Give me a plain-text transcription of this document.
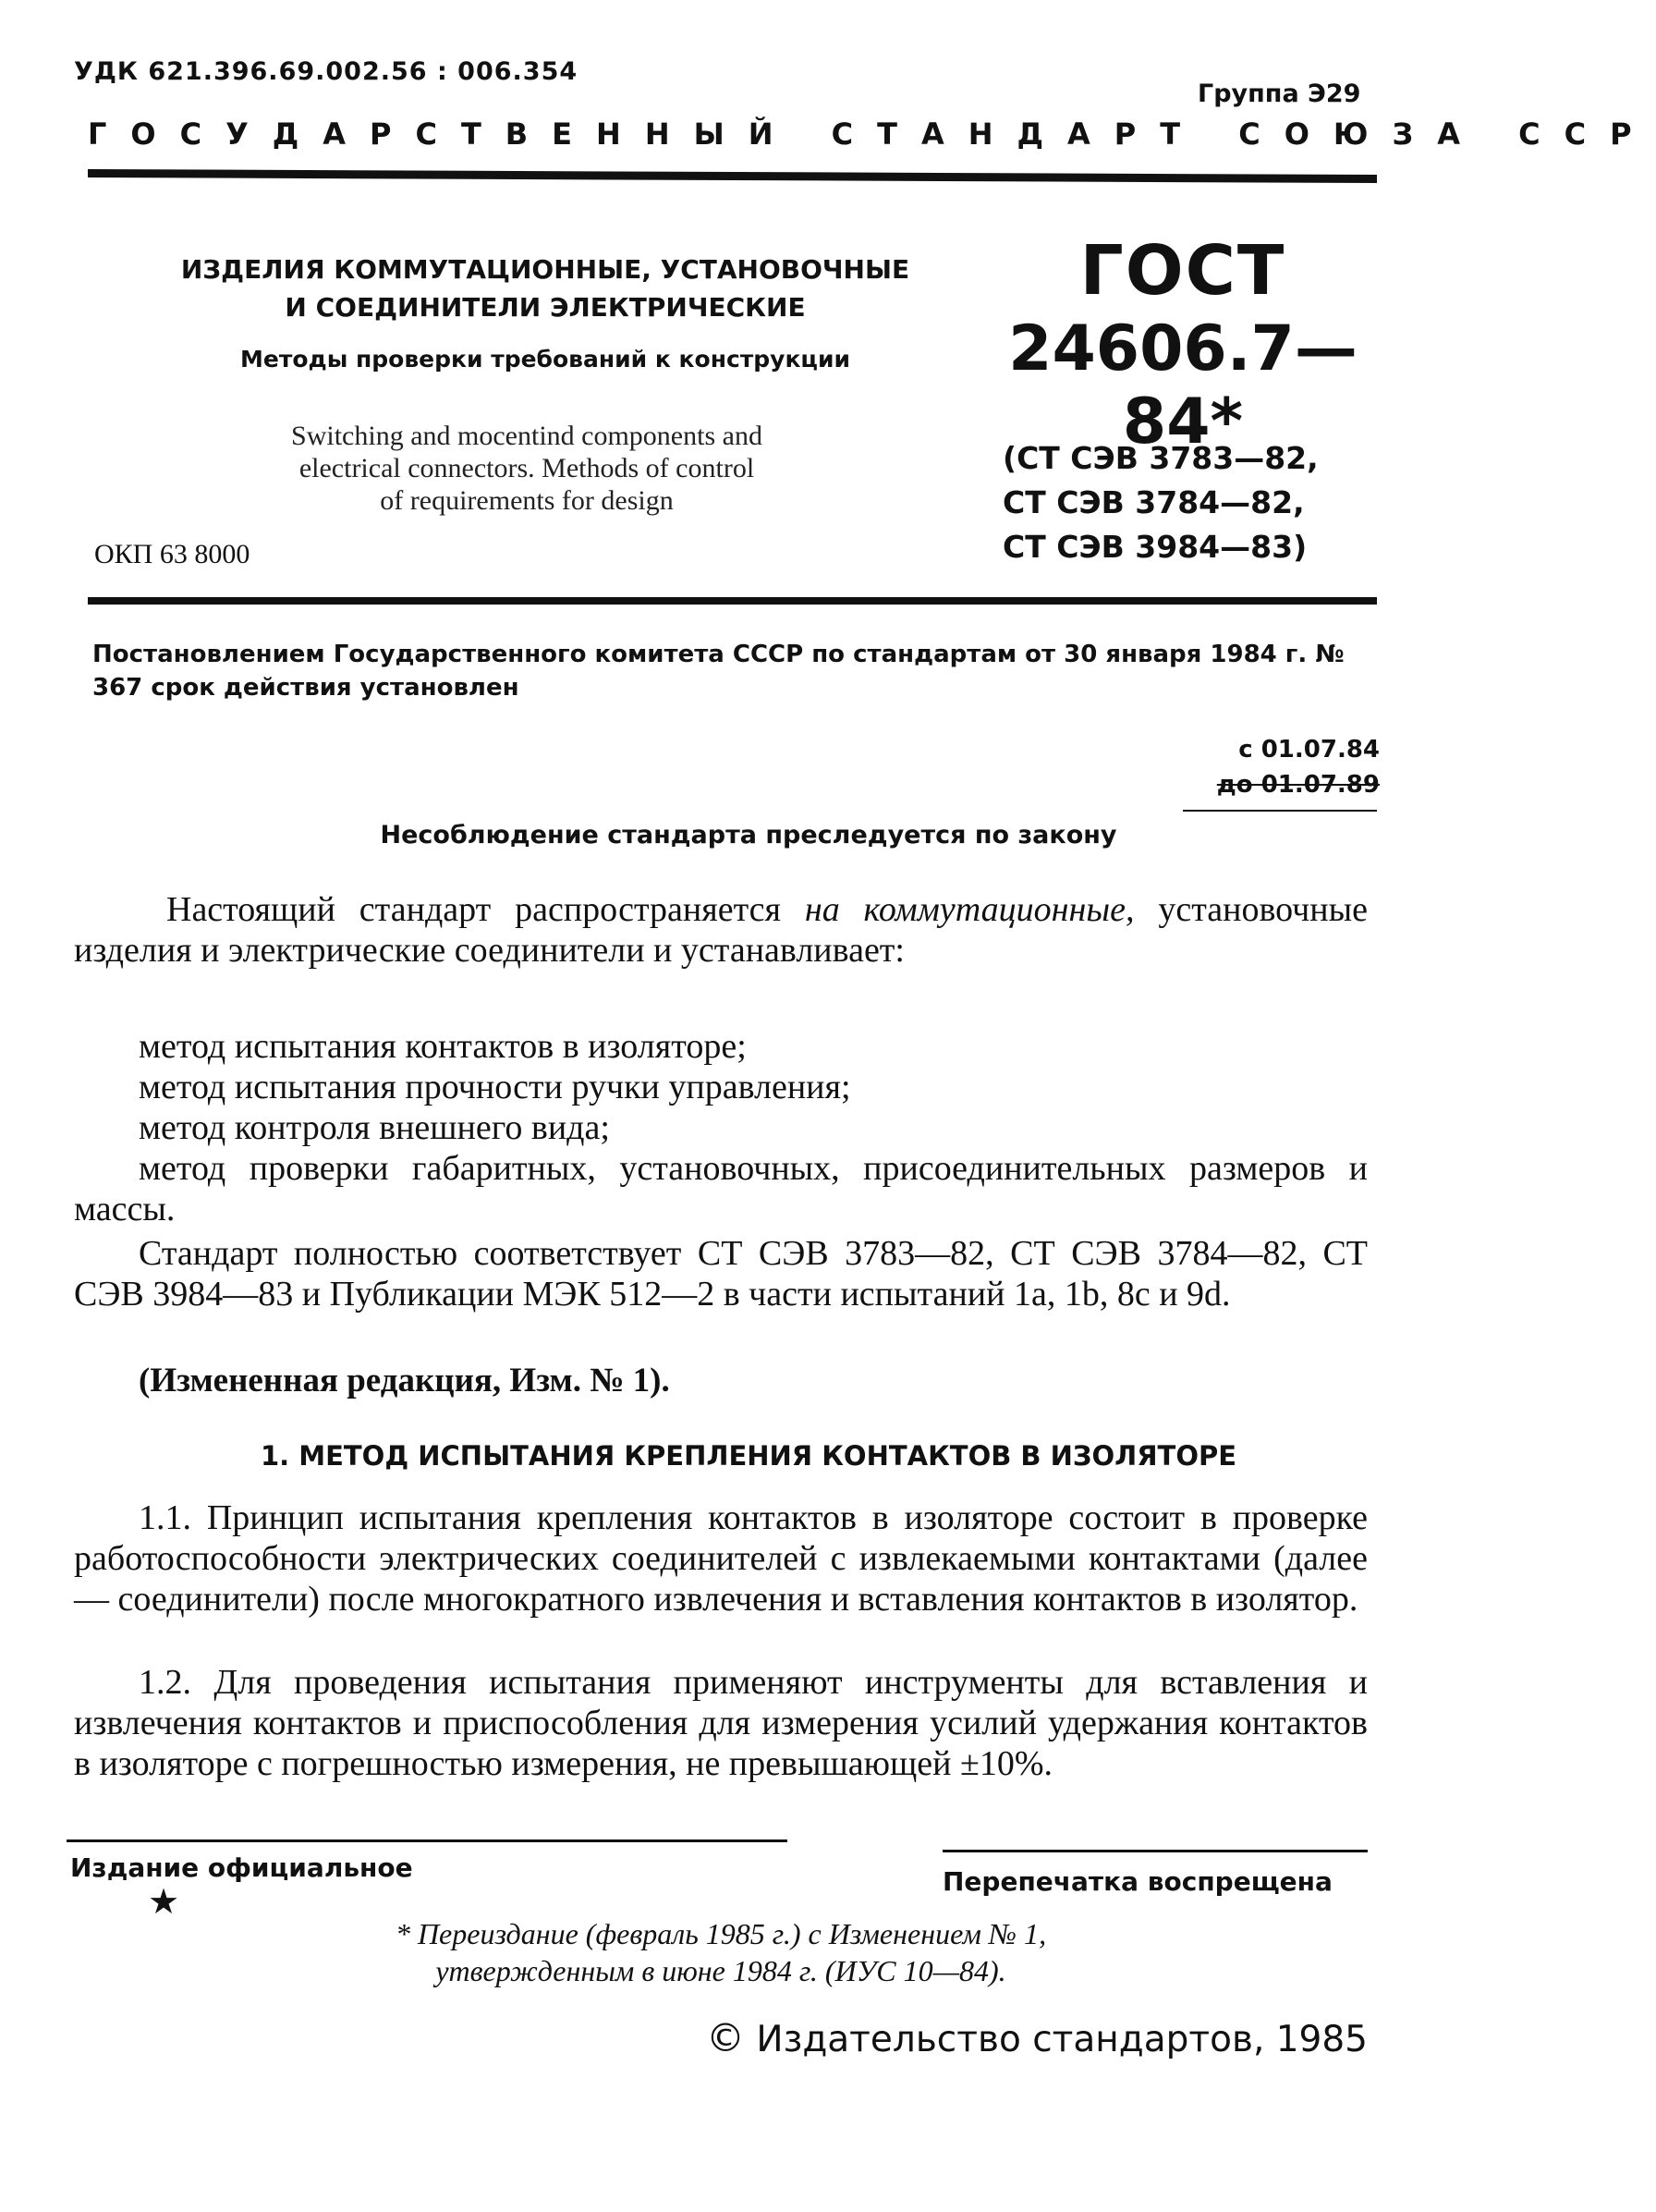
УДК 621.396.69.002.56 : 006.354
Группа Э29
ГОСУДАРСТВЕННЫЙ СТАНДАРТ СОЮЗА ССР
ИЗДЕЛИЯ КОММУТАЦИОННЫЕ, УСТАНОВОЧНЫЕ
И СОЕДИНИТЕЛИ ЭЛЕКТРИЧЕСКИЕ
Методы проверки требований к конструкции
Switching and mocentind components and
electrical connectors. Methods of control
of requirements for design
ОКП 63 8000
ГОСТ
24606.7—84*
(СТ СЭВ 3783—82,
СТ СЭВ 3784—82,
СТ СЭВ 3984—83)
Постановлением Государственного комитета СССР по стандартам от 30 января 1984 г. № 367 срок действия установлен
с 01.07.84
до 01.07.89
Несоблюдение стандарта преследуется по закону
Настоящий стандарт распространяется на коммутационные, установочные изделия и электрические соединители и устанавливает:
метод испытания контактов в изоляторе;
метод испытания прочности ручки управления;
метод контроля внешнего вида;
метод проверки габаритных, установочных, присоединительных размеров и массы.
Стандарт полностью соответствует СТ СЭВ 3783—82, СТ СЭВ 3784—82, СТ СЭВ 3984—83 и Публикации МЭК 512—2 в части испытаний 1a, 1b, 8c и 9d.
(Измененная редакция, Изм. № 1).
1. МЕТОД ИСПЫТАНИЯ КРЕПЛЕНИЯ КОНТАКТОВ В ИЗОЛЯТОРЕ
1.1. Принцип испытания крепления контактов в изоляторе состоит в проверке работоспособности электрических соединителей с извлекаемыми контактами (далее — соединители) после многократного извлечения и вставления контактов в изолятор.
1.2. Для проведения испытания применяют инструменты для вставления и извлечения контактов и приспособления для измерения усилий удержания контактов в изоляторе с погрешностью измерения, не превышающей ±10%.
Издание официальное
★
Перепечатка воспрещена
* Переиздание (февраль 1985 г.) с Изменением № 1,
утвержденным в июне 1984 г. (ИУС 10—84).
© Издательство стандартов, 1985
